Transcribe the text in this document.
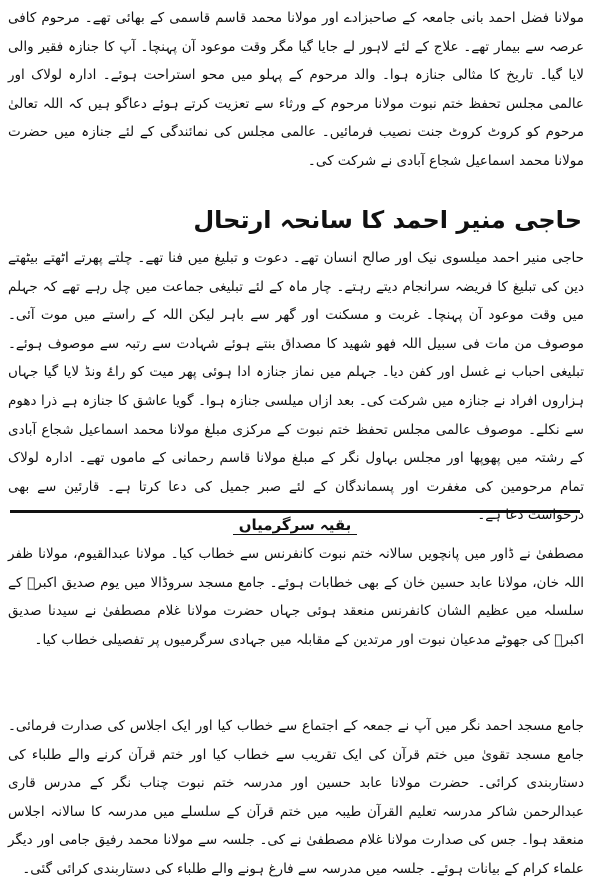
مولانا فضل احمد بانی جامعہ کے صاحبزادے اور مولانا محمد قاسم قاسمی کے بھائی تھے۔ مرحوم کافی عرصہ سے بیمار تھے۔ علاج کے لئے لاہور لے جایا گیا مگر وقت موعود آن پہنچا۔ آپ کا جنازہ فقیر والی لایا گیا۔ تاریخ کا مثالی جنازہ ہوا۔ والد مرحوم کے پہلو میں محو استراحت ہوئے۔ ادارہ لولاک اور عالمی مجلس تحفظ ختم نبوت مولانا مرحوم کے ورثاء سے تعزیت کرتے ہوئے دعاگو ہیں کہ اللہ تعالیٰ مرحوم کو کروٹ کروٹ جنت نصیب فرمائیں۔ عالمی مجلس کی نمائندگی کے لئے جنازہ میں حضرت مولانا محمد اسماعیل شجاع آبادی نے شرکت کی۔

حاجی منیر احمد کا سانحہ ارتحال

حاجی منیر احمد میلسوی نیک اور صالح انسان تھے۔ دعوت و تبلیغ میں فنا تھے۔ چلتے پھرتے اٹھتے بیٹھتے دین کی تبلیغ کا فریضہ سرانجام دیتے رہتے۔ چار ماہ کے لئے تبلیغی جماعت میں چل رہے تھے کہ جہلم میں وقت موعود آن پہنچا۔ غربت و مسکنت اور گھر سے باہر لیکن اللہ کے راستے میں موت آئی۔ موصوف من مات فی سبیل اللہ فھو شھید کا مصداق بنتے ہوئے شہادت سے رتبہ سے موصوف ہوئے۔ تبلیغی احباب نے غسل اور کفن دیا۔ جہلم میں نماز جنازہ ادا ہوئی پھر میت کو راۓ ونڈ لایا گیا جہاں ہزاروں افراد نے جنازہ میں شرکت کی۔ بعد ازاں میلسی جنازہ ہوا۔ گویا عاشق کا جنازہ ہے ذرا دھوم سے نکلے۔ موصوف عالمی مجلس تحفظ ختم نبوت کے مرکزی مبلغ مولانا محمد اسماعیل شجاع آبادی کے رشتہ میں پھوپھا اور مجلس بہاول نگر کے مبلغ مولانا قاسم رحمانی کے ماموں تھے۔ ادارہ لولاک تمام مرحومین کی مغفرت اور پسماندگان کے لئے صبر جمیل کی دعا کرتا ہے۔ قارئین سے بھی درخواست دعا ہے۔

بقیہ سرگرمیاں

مصطفیٰ نے ڈاور میں پانچویں سالانہ ختم نبوت کانفرنس سے خطاب کیا۔ مولانا عبدالقیوم، مولانا ظفر اللہ خان، مولانا عابد حسین خان کے بھی خطابات ہوئے۔ جامع مسجد سروڈالا میں یوم صدیق اکبرؓ کے سلسلہ میں عظیم الشان کانفرنس منعقد ہوئی جہاں حضرت مولانا غلام مصطفیٰ نے سیدنا صدیق اکبرؓ کی جھوٹے مدعیان نبوت اور مرتدین کے مقابلہ میں جہادی سرگرمیوں پر تفصیلی خطاب کیا۔

جامع مسجد احمد نگر میں آپ نے جمعہ کے اجتماع سے خطاب کیا اور ایک اجلاس کی صدارت فرمائی۔ جامع مسجد تقویٰ میں ختم قرآن کی ایک تقریب سے خطاب کیا اور ختم قرآن کرنے والے طلباء کی دستاربندی کرائی۔ حضرت مولانا عابد حسین اور مدرسہ ختم نبوت چناب نگر کے مدرس قاری عبدالرحمن شاکر مدرسہ تعلیم القرآن طیبہ میں ختم قرآن کے سلسلے میں مدرسہ کا سالانہ اجلاس منعقد ہوا۔ جس کی صدارت مولانا غلام مصطفیٰ نے کی۔ جلسہ سے مولانا محمد رفیق جامی اور دیگر علماء کرام کے بیانات ہوئے۔ جلسہ میں مدرسہ سے فارغ ہونے والے طلباء کی دستاربندی کرائی گئی۔
